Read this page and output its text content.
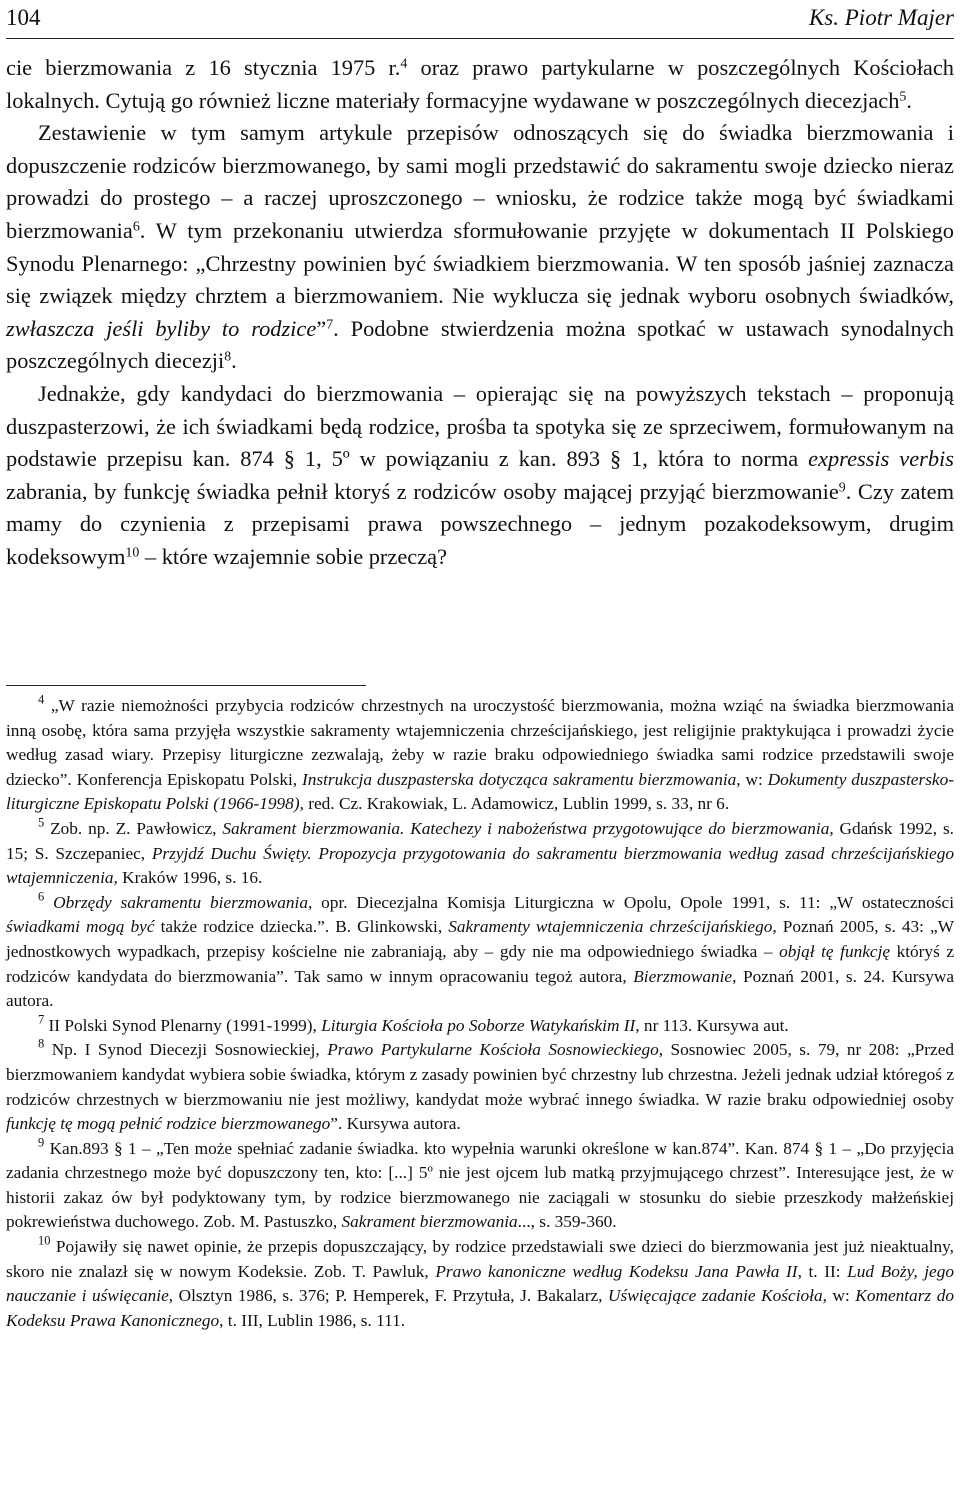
104	Ks. Piotr Majer

cie bierzmowania z 16 stycznia 1975 r.$^4$ oraz prawo partykularne w poszczególnych Kościołach lokalnych. Cytują go również liczne materiały formacyjne wydawane w poszczególnych diecezjach$^5$.

Zestawienie w tym samym artykule przepisów odnoszących się do świadka bierzmowania i dopuszczenie rodziców bierzmowanego, by sami mogli przedstawić do sakramentu swoje dziecko nieraz prowadzi do prostego – a raczej uproszczonego – wniosku, że rodzice także mogą być świadkami bierzmowania$^6$. W tym przekonaniu utwierdza sformułowanie przyjęte w dokumentach II Polskiego Synodu Plenarnego: „Chrzestny powinien być świadkiem bierzmowania. W ten sposób jaśniej zaznacza się związek między chrztem a bierzmowaniem. Nie wyklucza się jednak wyboru osobnych świadków, zwłaszcza jeśli byliby to rodzice”$^7$. Podobne stwierdzenia można spotkać w ustawach synodalnych poszczególnych diecezji$^8$.

Jednakże, gdy kandydaci do bierzmowania – opierając się na powyższych tekstach – proponują duszpasterzowi, że ich świadkami będą rodzice, prośba ta spotyka się ze sprzeciwem, formułowanym na podstawie przepisu kan. 874 § 1, 5º w powiązaniu z kan. 893 § 1, która to norma expressis verbis zabrania, by funkcję świadka pełnił ktoryś z rodziców osoby mającej przyjąć bierzmowanie$^9$. Czy zatem mamy do czynienia z przepisami prawa powszechnego – jednym pozakodeksowym, drugim kodeksowym$^{10}$ – które wzajemnie sobie przeczą?

$^4$ „W razie niemożności przybycia rodziców chrzestnych na uroczystość bierzmowania, można wziąć na świadka bierzmowania inną osobę, która sama przyjęła wszystkie sakramenty wtajemniczenia chrześcijańskiego, jest religijnie praktykująca i prowadzi życie według zasad wiary. Przepisy liturgiczne zezwalają, żeby w razie braku odpowiedniego świadka sami rodzice przedstawili swoje dziecko”. Konferencja Episkopatu Polski, Instrukcja duszpasterska dotycząca sakramentu bierzmowania, w: Dokumenty duszpastersko-liturgiczne Episkopatu Polski (1966-1998), red. Cz. Krakowiak, L. Adamowicz, Lublin 1999, s. 33, nr 6.

$^5$ Zob. np. Z. Pawłowicz, Sakrament bierzmowania. Katechezy i nabożeństwa przygotowujące do bierzmowania, Gdańsk 1992, s. 15; S. Szczepaniec, Przyjdź Duchu Święty. Propozycja przygotowania do sakramentu bierzmowania według zasad chrześcijańskiego wtajemniczenia, Kraków 1996, s. 16.

$^6$ Obrzędy sakramentu bierzmowania, opr. Diecezjalna Komisja Liturgiczna w Opolu, Opole 1991, s. 11: „W ostateczności świadkami mogą być także rodzice dziecka.”. B. Glinkowski, Sakramenty wtajemniczenia chrześcijańskiego, Poznań 2005, s. 43: „W jednostkowych wypadkach, przepisy kościelne nie zabraniają, aby – gdy nie ma odpowiedniego świadka – objął tę funkcję któryś z rodziców kandydata do bierzmowania”. Tak samo w innym opracowaniu tegoż autora, Bierzmowanie, Poznań 2001, s. 24. Kursywa autora.

$^7$ II Polski Synod Plenarny (1991-1999), Liturgia Kościoła po Soborze Watykańskim II, nr 113. Kursywa aut.

$^8$ Np. I Synod Diecezji Sosnowieckiej, Prawo Partykularne Kościoła Sosnowieckiego, Sosnowiec 2005, s. 79, nr 208: „Przed bierzmowaniem kandydat wybiera sobie świadka, którym z zasady powinien być chrzestny lub chrzestna. Jeżeli jednak udział któregoś z rodziców chrzestnych w bierzmowaniu nie jest możliwy, kandydat może wybrać innego świadka. W razie braku odpowiedniej osoby funkcję tę mogą pełnić rodzice bierzmowanego”. Kursywa autora.

$^9$ Kan.893 § 1 – „Ten może spełniać zadanie świadka. kto wypełnia warunki określone w kan.874”. Kan. 874 § 1 – „Do przyjęcia zadania chrzestnego może być dopuszczony ten, kto: [...] 5º nie jest ojcem lub matką przyjmującego chrzest”. Interesujące jest, że w historii zakaz ów był podyktowany tym, by rodzice bierzmowanego nie zaciągali w stosunku do siebie przeszkody małżeńskiej pokrewieństwa duchowego. Zob. M. Pastuszko, Sakrament bierzmowania..., s. 359-360.

$^{10}$ Pojawiły się nawet opinie, że przepis dopuszczający, by rodzice przedstawiali swe dzieci do bierzmowania jest już nieaktualny, skoro nie znalazł się w nowym Kodeksie. Zob. T. Pawluk, Prawo kanoniczne według Kodeksu Jana Pawła II, t. II: Lud Boży, jego nauczanie i uświęcanie, Olsztyn 1986, s. 376; P. Hemperek, F. Przytuła, J. Bakalarz, Uświęcające zadanie Kościoła, w: Komentarz do Kodeksu Prawa Kanonicznego, t. III, Lublin 1986, s. 111.
